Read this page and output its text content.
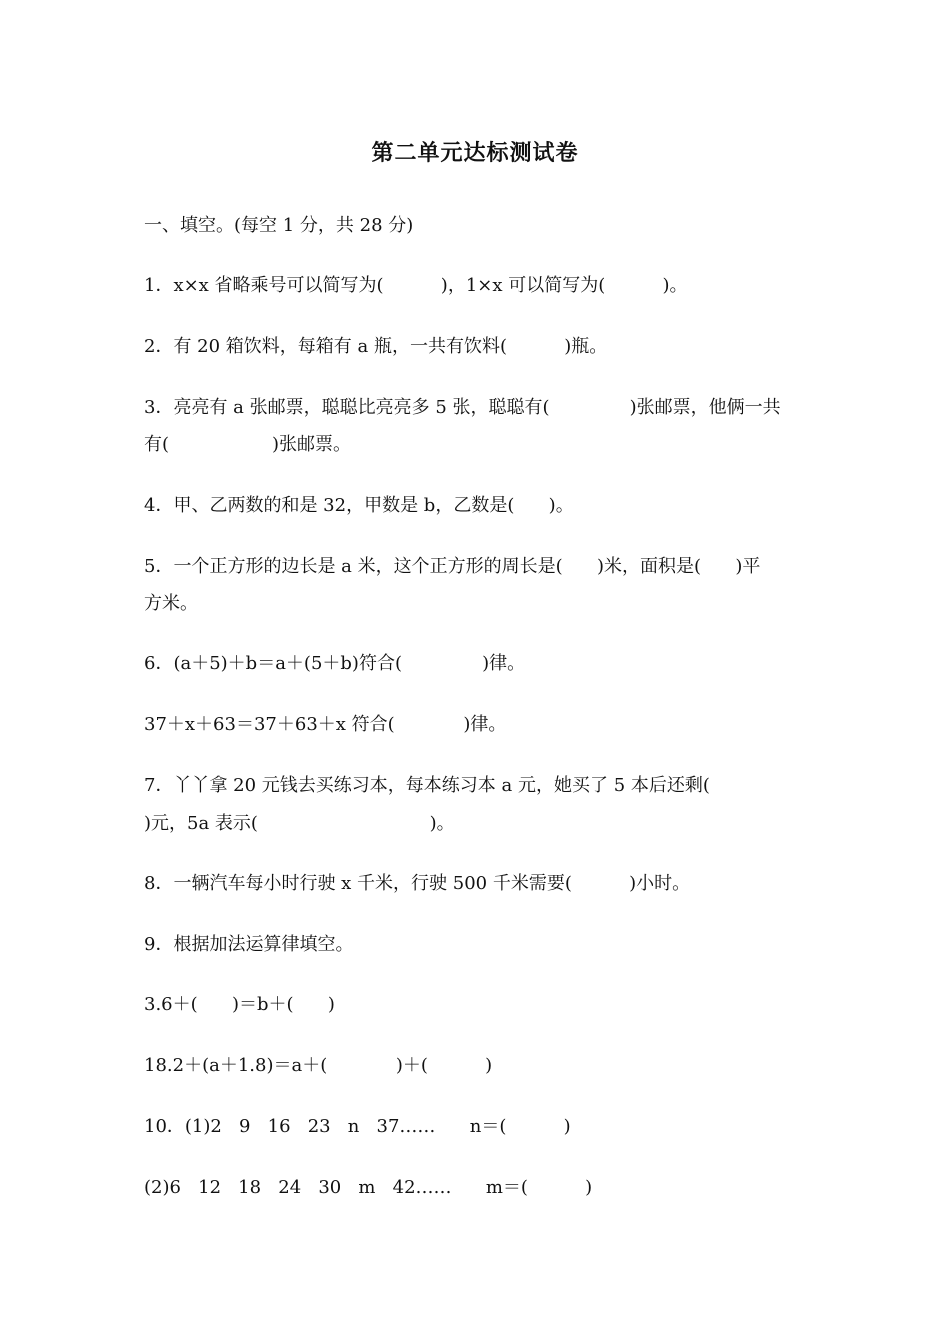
第二单元达标测试卷
一、填空。(每空 1 分，共 28 分)
1．x×x 省略乘号可以简写为(          )，1×x 可以简写为(          )。
2．有 20 箱饮料，每箱有 a 瓶，一共有饮料(          )瓶。
3．亮亮有 a 张邮票，聪聪比亮亮多 5 张，聪聪有(              )张邮票，他俩一共
有(                  )张邮票。
4．甲、乙两数的和是 32，甲数是 b，乙数是(      )。
5．一个正方形的边长是 a 米，这个正方形的周长是(      )米，面积是(      )平
方米。
6．(a＋5)＋b＝a＋(5＋b)符合(              )律。
37＋x＋63＝37＋63＋x 符合(            )律。
7．丫丫拿 20 元钱去买练习本，每本练习本 a 元，她买了 5 本后还剩(
)元，5a 表示(                              )。
8．一辆汽车每小时行驶 x 千米，行驶 500 千米需要(          )小时。
9．根据加法运算律填空。
3.6＋(      )＝b＋(      )
18.2＋(a＋1.8)＝a＋(            )＋(          )
10．(1)2   9   16   23   n   37……      n＝(          )
(2)6   12   18   24   30   m   42……      m＝(          )
